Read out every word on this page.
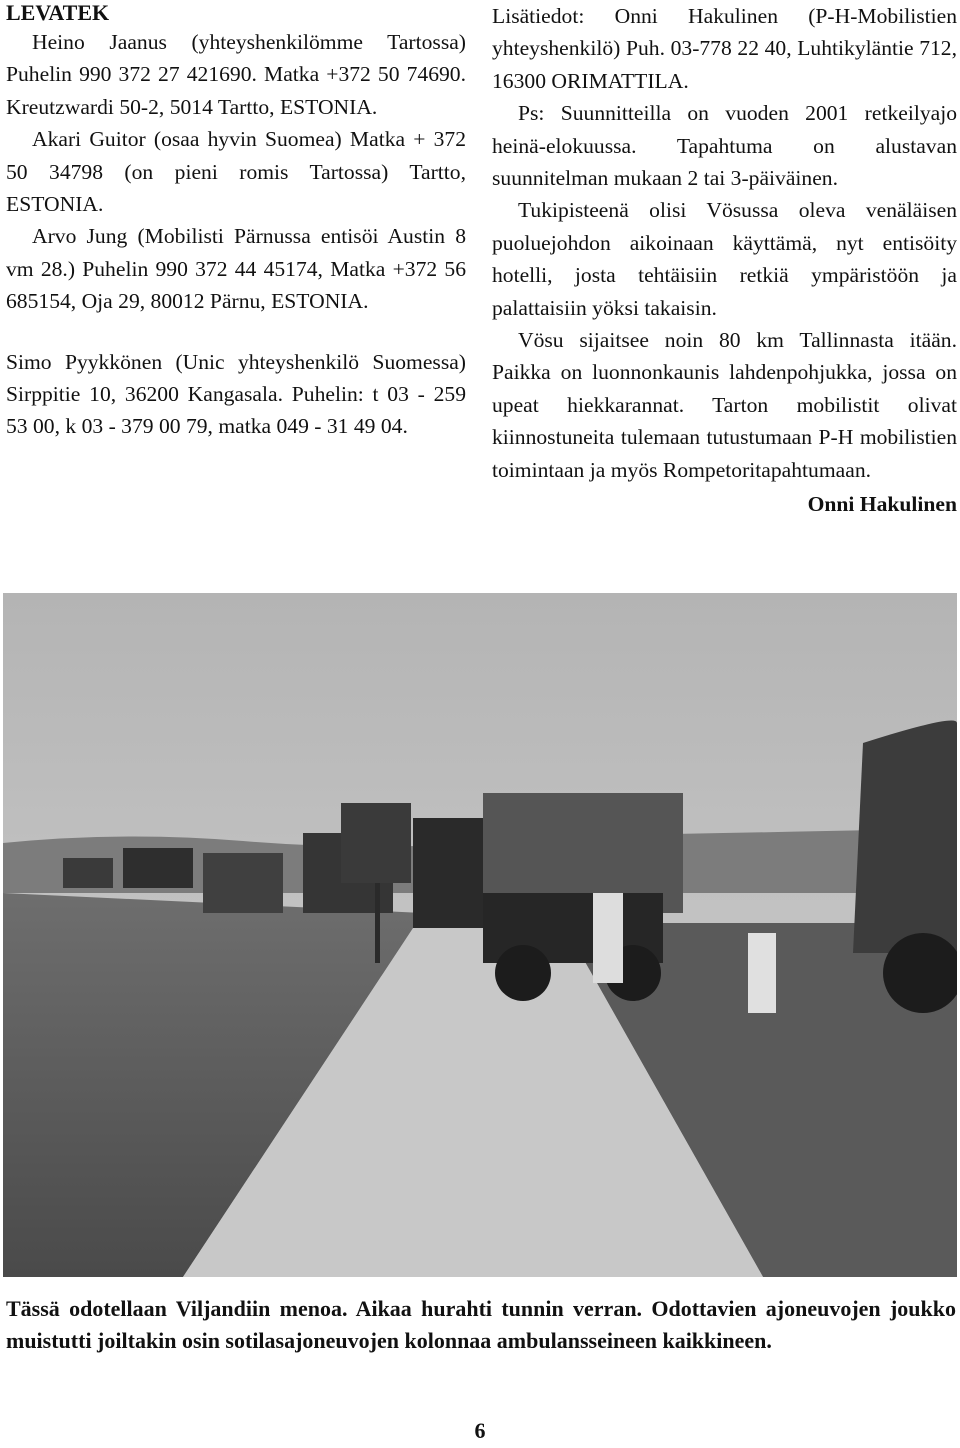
LEVATEK

Heino Jaanus (yhteyshenkilömme Tartossa) Puhelin 990 372 27 421690. Matka +372 50 74690. Kreutzwardi 50-2, 5014 Tartto, ESTONIA.

Akari Guitor (osaa hyvin Suomea) Matka + 372 50 34798 (on pieni romis Tartossa) Tartto, ESTONIA.

Arvo Jung (Mobilisti Pärnussa entisöi Austin 8 vm 28.) Puhelin 990 372 44 45174, Matka +372 56 685154, Oja 29, 80012 Pärnu, ESTONIA.

Simo Pyykkönen (Unic yhteyshenkilö Suomessa) Sirppitie 10, 36200 Kangasala. Puhelin: t 03 - 259 53 00, k 03 - 379 00 79, matka 049 - 31 49 04.

Lisätiedot: Onni Hakulinen (P-H-Mobilistien yhteyshenkilö) Puh. 03-778 22 40, Luhtikyläntie 712, 16300 ORIMATTILA.

Ps: Suunnitteilla on vuoden 2001 retkeilyajo heinä-elokuussa. Tapahtuma on alustavan suunnitelman mukaan 2 tai 3-päiväinen.

Tukipisteenä olisi Vösussa oleva venäläisen puoluejohdon aikoinaan käyttämä, nyt entisöity hotelli, josta tehtäisiin retkiä ympäristöön ja palattaisiin yöksi takaisin.

Vösu sijaitsee noin 80 km Tallinnasta itään. Paikka on luonnonkaunis lahdenpohjukka, jossa on upeat hiekkarannat. Tarton mobilistit olivat kiinnostuneita tulemaan tutustumaan P-H mobilistien toimintaan ja myös Rompetoritapahtumaan.

Onni Hakulinen
Tässä odotellaan Viljandiin menoa. Aikaa hurahti tunnin verran. Odottavien ajoneuvojen joukko muistutti joiltakin osin sotilasajoneuvojen kolonnaa ambulansseineen kaikkineen.
6
